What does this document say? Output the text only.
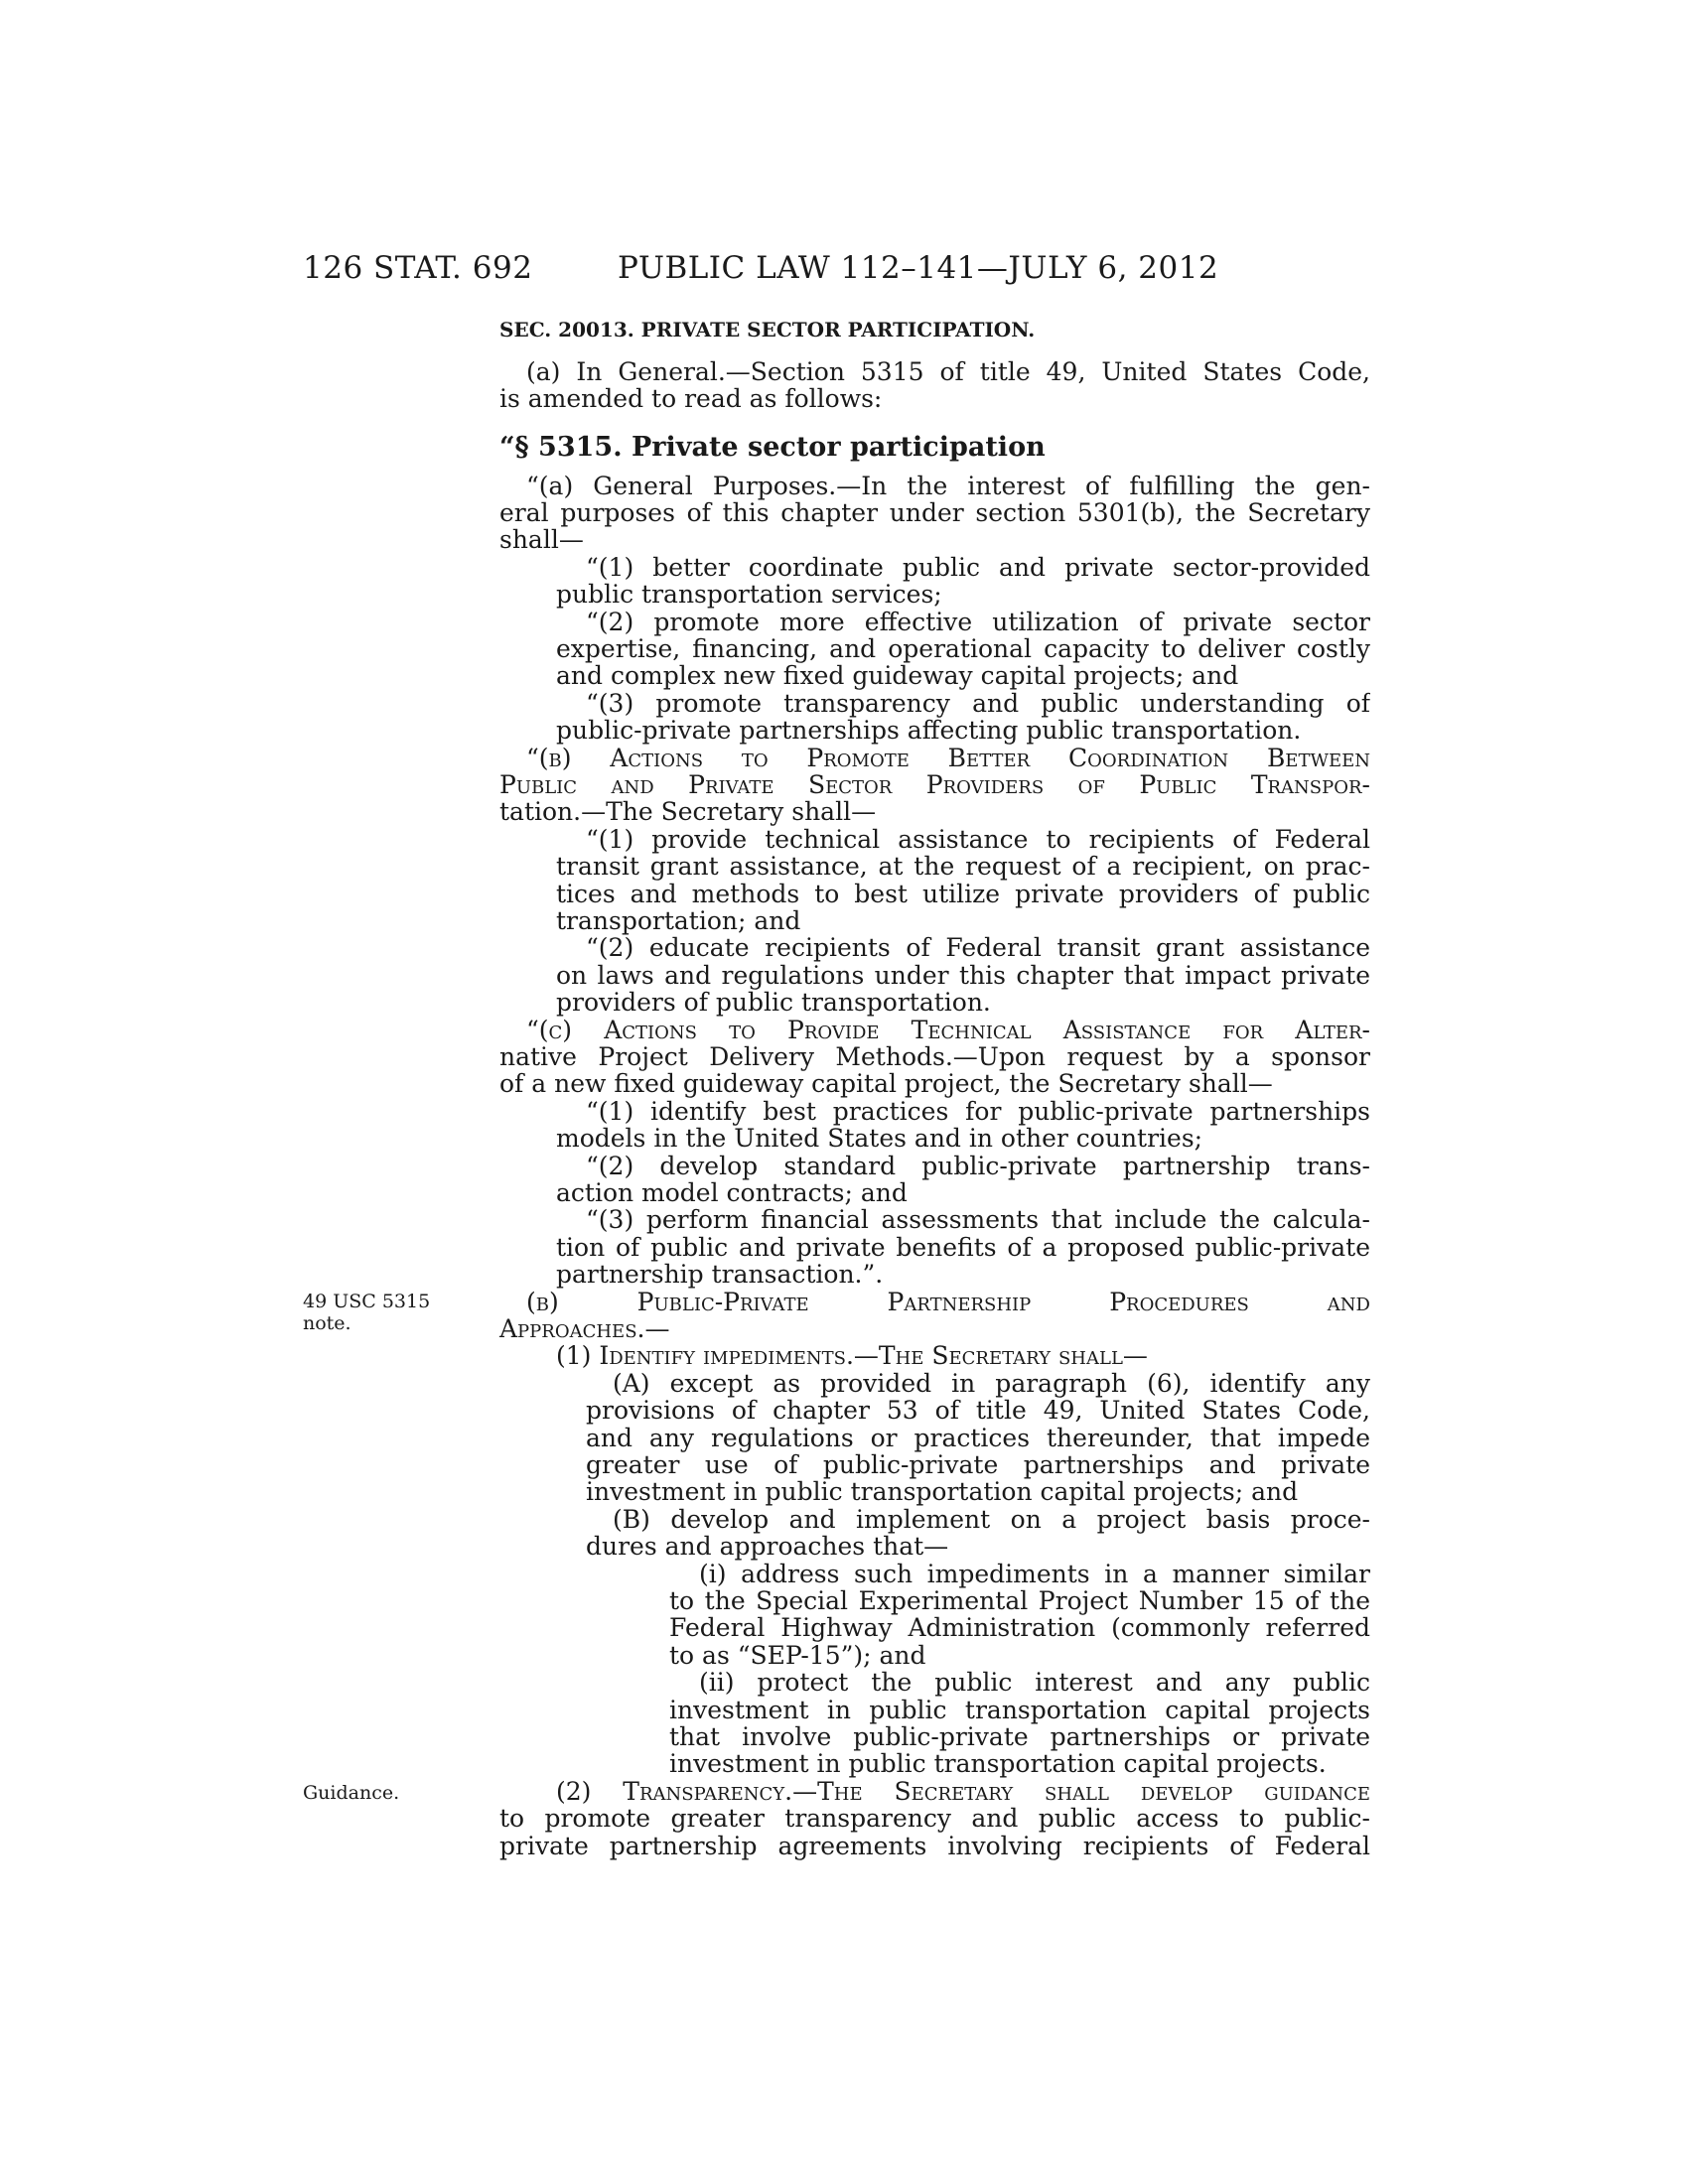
126 STAT. 692	PUBLIC LAW 112–141—JULY 6, 2012
SEC. 20013. PRIVATE SECTOR PARTICIPATION.
(a) In General.—Section 5315 of title 49, United States Code,
is amended to read as follows:
“§ 5315. Private sector participation
“(a) General Purposes.—In the interest of fulfilling the gen-
eral purposes of this chapter under section 5301(b), the Secretary
shall—
“(1) better coordinate public and private sector-provided
public transportation services;
“(2) promote more effective utilization of private sector
expertise, financing, and operational capacity to deliver costly
and complex new fixed guideway capital projects; and
“(3) promote transparency and public understanding of
public-private partnerships affecting public transportation.
“(b) Actions to Promote Better Coordination Between
Public and Private Sector Providers of Public Transpor-
tation.—The Secretary shall—
“(1) provide technical assistance to recipients of Federal
transit grant assistance, at the request of a recipient, on prac-
tices and methods to best utilize private providers of public
transportation; and
“(2) educate recipients of Federal transit grant assistance
on laws and regulations under this chapter that impact private
providers of public transportation.
“(c) Actions to Provide Technical Assistance for Alter-
native Project Delivery Methods.—Upon request by a sponsor
of a new fixed guideway capital project, the Secretary shall—
“(1) identify best practices for public-private partnerships
models in the United States and in other countries;
“(2) develop standard public-private partnership trans-
action model contracts; and
“(3) perform financial assessments that include the calcula-
tion of public and private benefits of a proposed public-private
partnership transaction.”.
49 USC 5315
note.
(b) Public-Private Partnership Procedures and
Approaches.—
(1) Identify impediments.—The Secretary shall—
(A) except as provided in paragraph (6), identify any
provisions of chapter 53 of title 49, United States Code,
and any regulations or practices thereunder, that impede
greater use of public-private partnerships and private
investment in public transportation capital projects; and
(B) develop and implement on a project basis proce-
dures and approaches that—
(i) address such impediments in a manner similar
to the Special Experimental Project Number 15 of the
Federal Highway Administration (commonly referred
to as “SEP-15”); and
(ii) protect the public interest and any public
investment in public transportation capital projects
that involve public-private partnerships or private
investment in public transportation capital projects.
Guidance.	(2) Transparency.—The Secretary shall develop guidance
to promote greater transparency and public access to public-
private partnership agreements involving recipients of Federal
